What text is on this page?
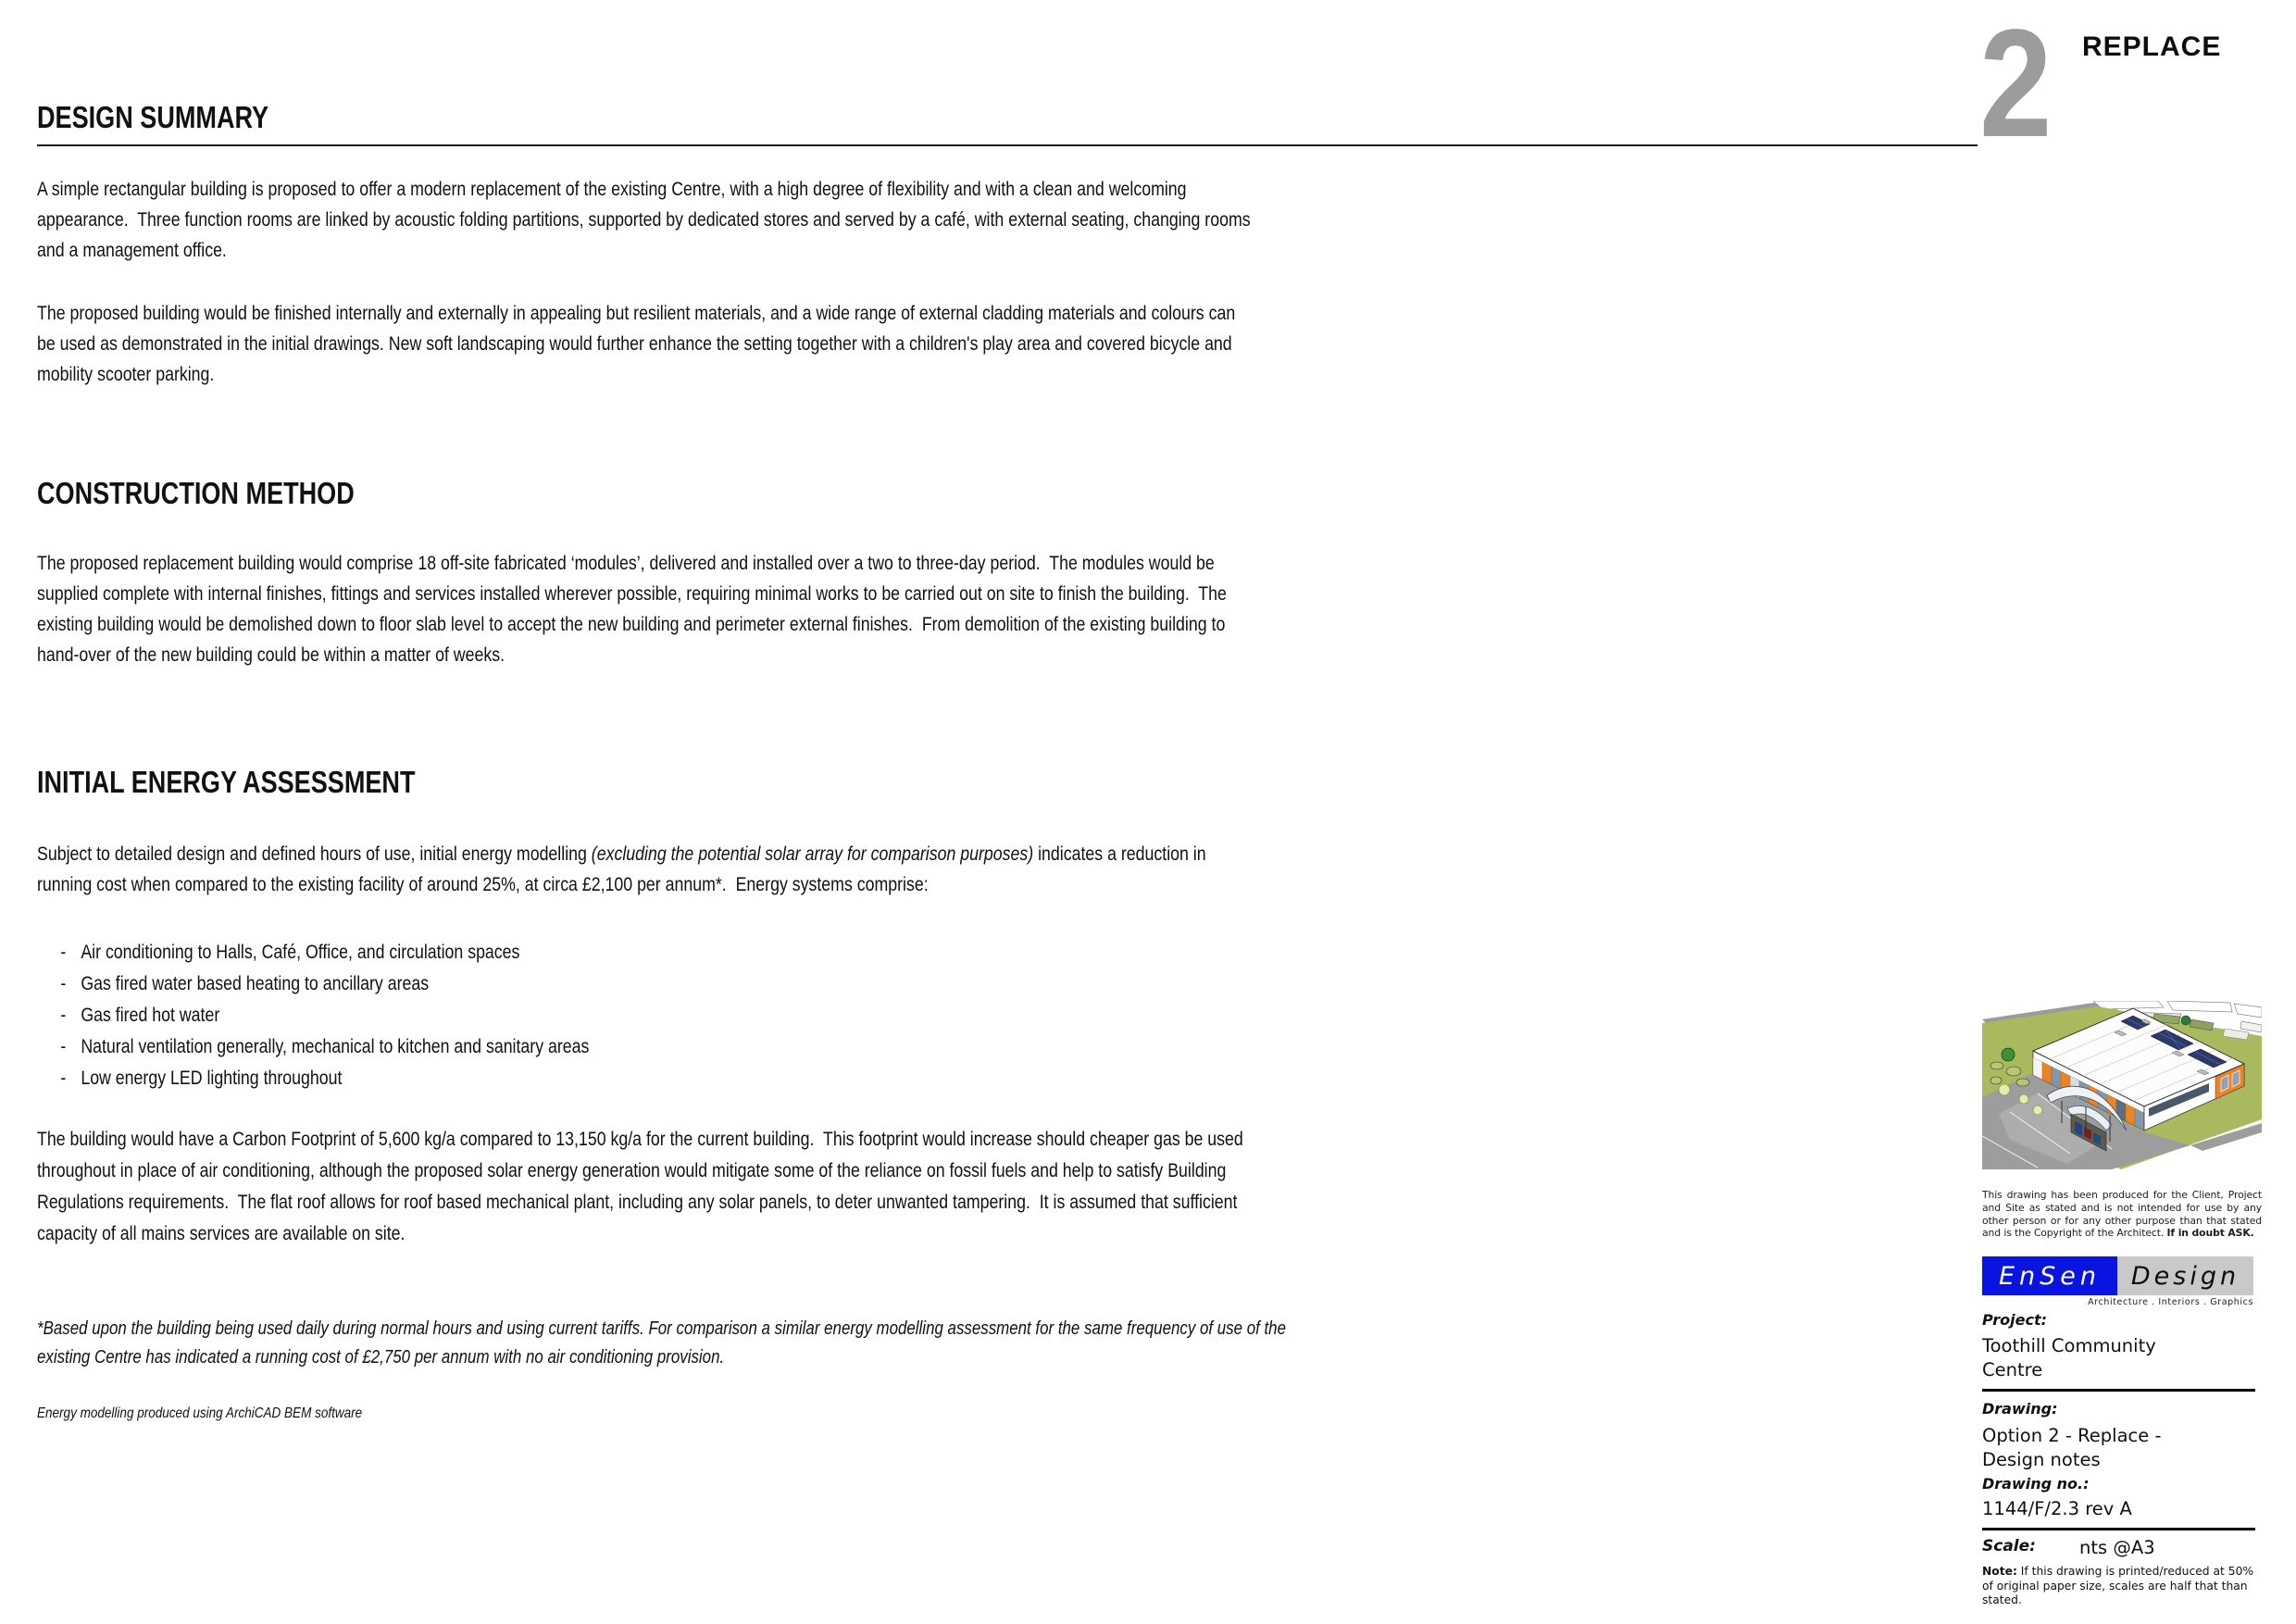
2 REPLACE
DESIGN SUMMARY
A simple rectangular building is proposed to offer a modern replacement of the existing Centre, with a high degree of flexibility and with a clean and welcoming appearance.  Three function rooms are linked by acoustic folding partitions, supported by dedicated stores and served by a café, with external seating, changing rooms and a management office.
The proposed building would be finished internally and externally in appealing but resilient materials, and a wide range of external cladding materials and colours can be used as demonstrated in the initial drawings. New soft landscaping would further enhance the setting together with a children's play area and covered bicycle and mobility scooter parking.
CONSTRUCTION METHOD
The proposed replacement building would comprise 18 off-site fabricated ‘modules’, delivered and installed over a two to three-day period.  The modules would be supplied complete with internal finishes, fittings and services installed wherever possible, requiring minimal works to be carried out on site to finish the building.  The existing building would be demolished down to floor slab level to accept the new building and perimeter external finishes.  From demolition of the existing building to hand-over of the new building could be within a matter of weeks.
INITIAL ENERGY ASSESSMENT
Subject to detailed design and defined hours of use, initial energy modelling (excluding the potential solar array for comparison purposes) indicates a reduction in running cost when compared to the existing facility of around 25%, at circa £2,100 per annum*.  Energy systems comprise:
- Air conditioning to Halls, Café, Office, and circulation spaces
- Gas fired water based heating to ancillary areas
- Gas fired hot water
- Natural ventilation generally, mechanical to kitchen and sanitary areas
- Low energy LED lighting throughout
The building would have a Carbon Footprint of 5,600 kg/a compared to 13,150 kg/a for the current building.  This footprint would increase should cheaper gas be used throughout in place of air conditioning, although the proposed solar energy generation would mitigate some of the reliance on fossil fuels and help to satisfy Building Regulations requirements.  The flat roof allows for roof based mechanical plant, including any solar panels, to deter unwanted tampering.  It is assumed that sufficient capacity of all mains services are available on site.
*Based upon the building being used daily during normal hours and using current tariffs. For comparison a similar energy modelling assessment for the same frequency of use of the existing Centre has indicated a running cost of £2,750 per annum with no air conditioning provision.
Energy modelling produced using ArchiCAD BEM software
This drawing has been produced for the Client, Project and Site as stated and is not intended for use by any other person or for any other purpose than that stated and is the Copyright of the Architect. If in doubt ASK.
EnSen	Design
Architecture . Interiors . Graphics
Project:
Toothill Community Centre
Drawing:
Option 2 - Replace - Design notes
Drawing no.:
1144/F/2.3 rev A
Scale: nts @A3
Note: If this drawing is printed/reduced at 50% of original paper size, scales are half that than stated.
